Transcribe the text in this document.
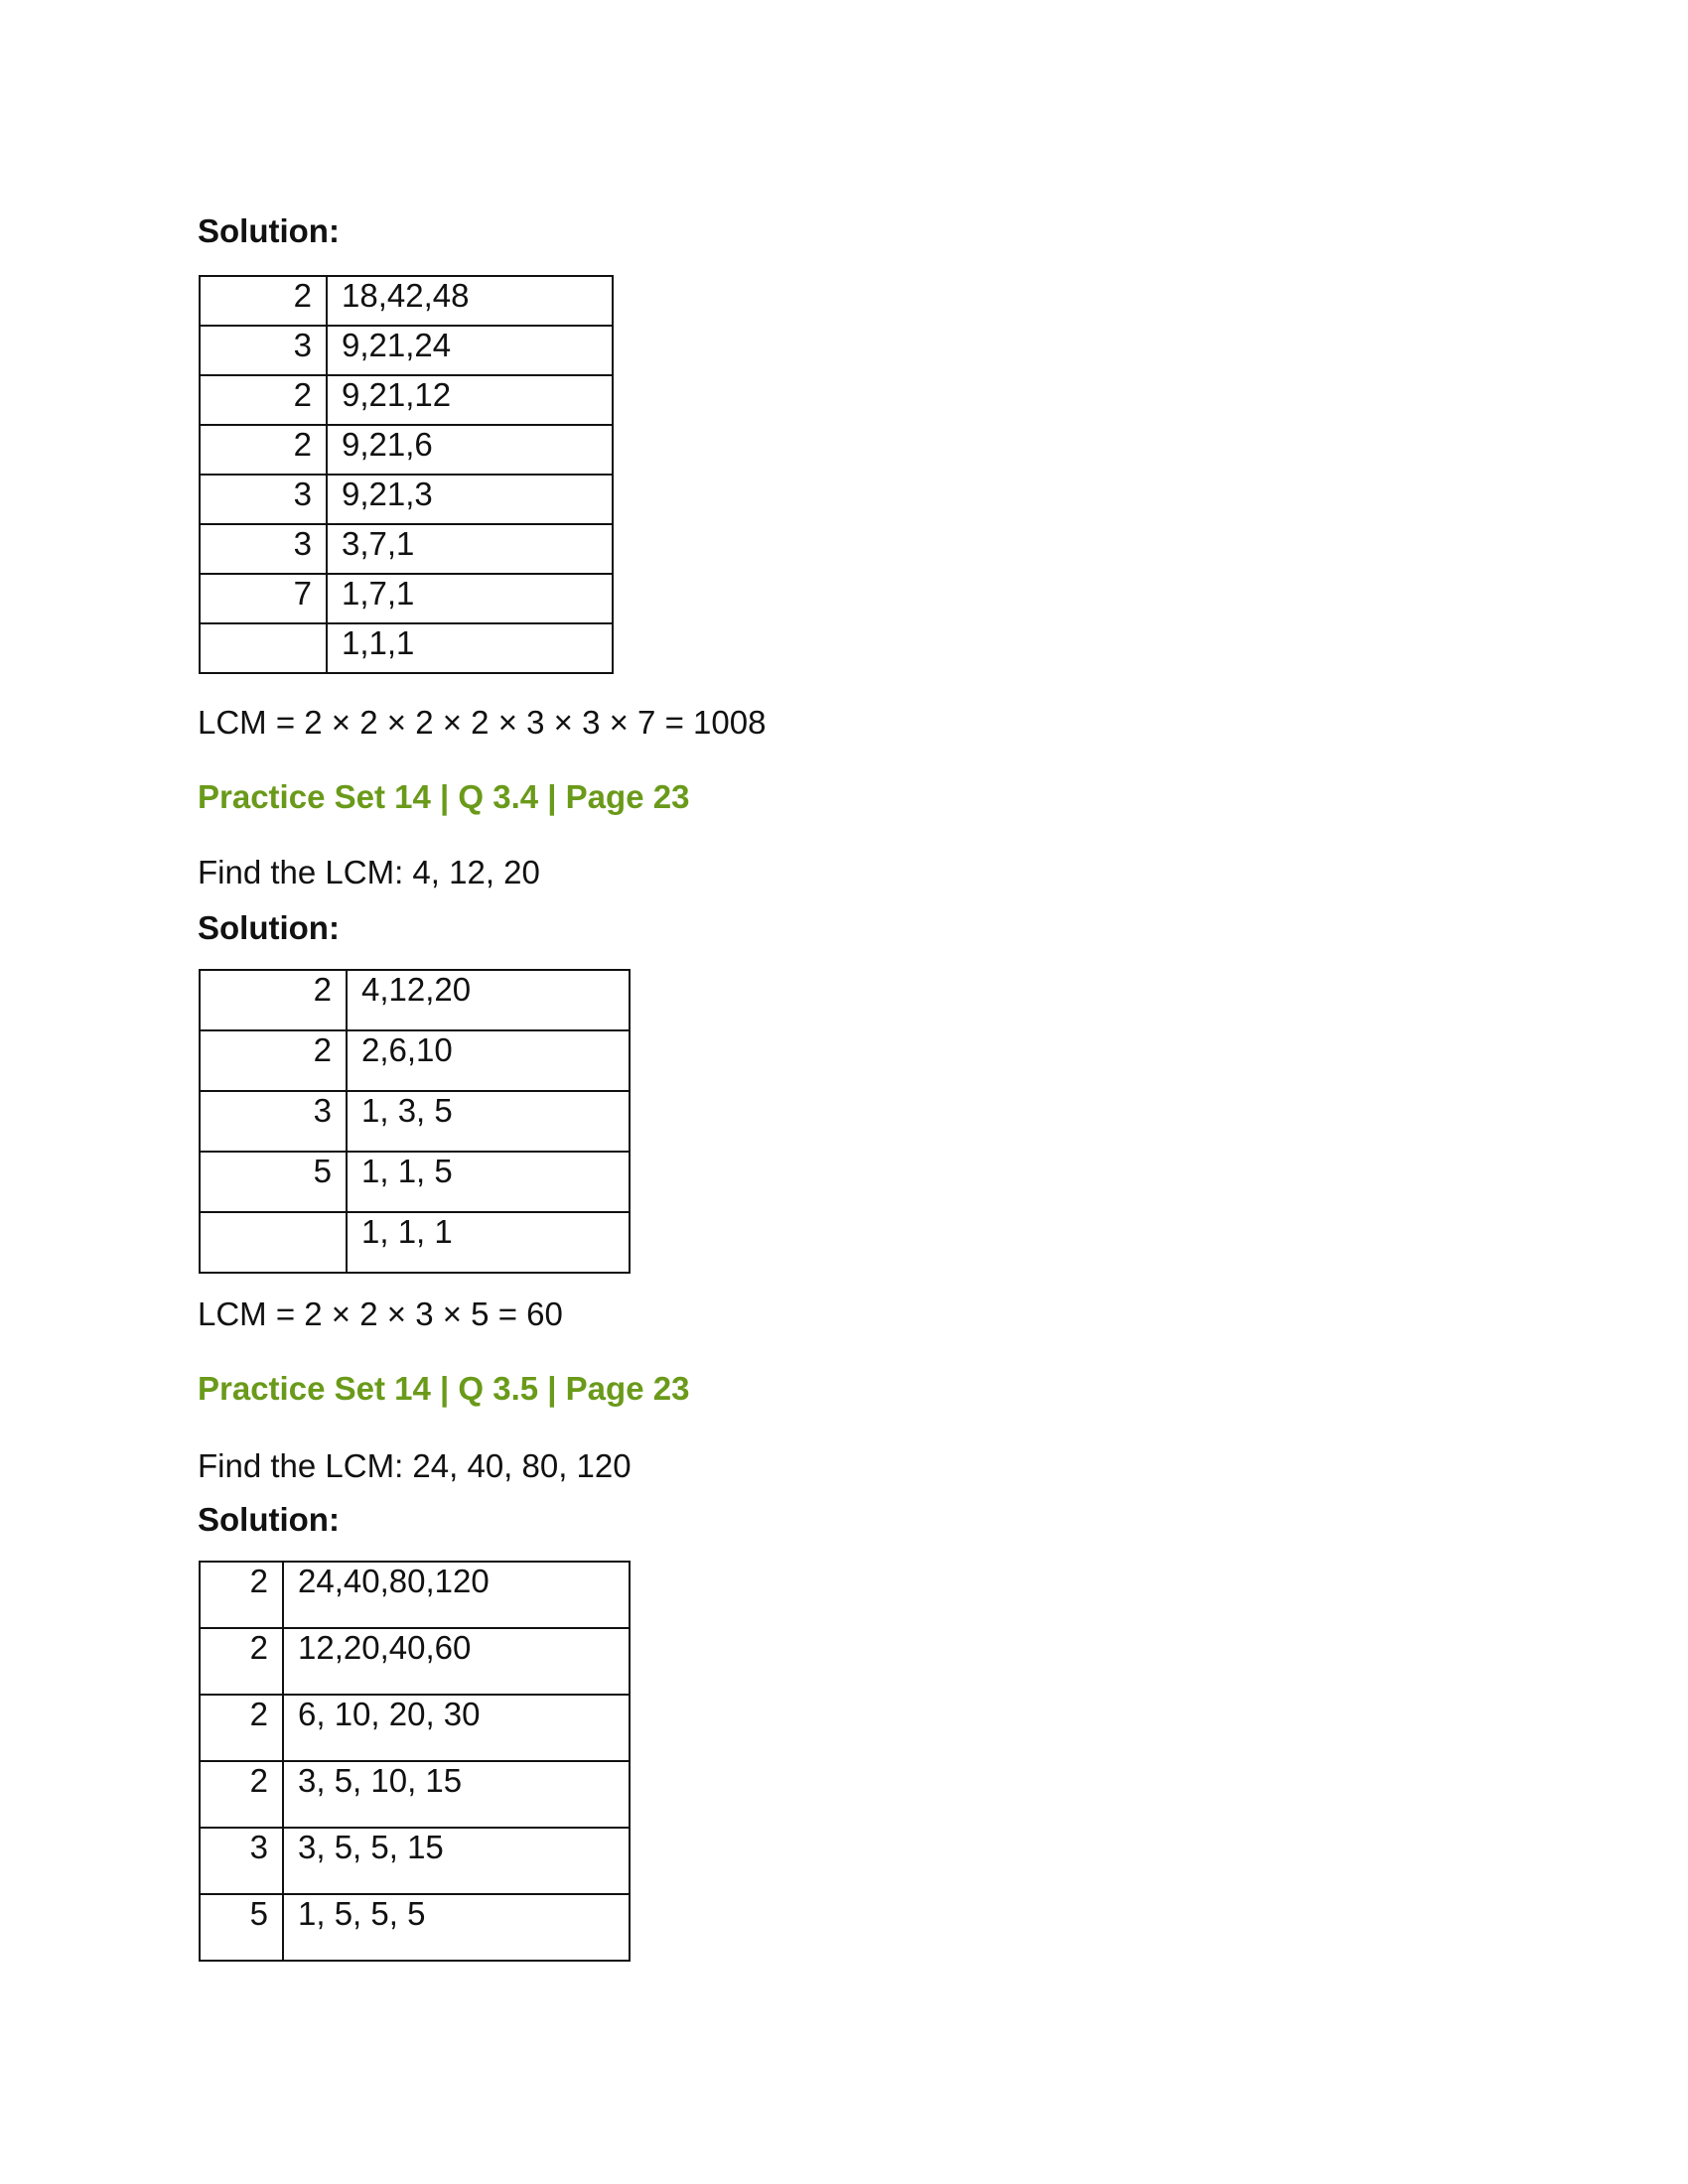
Solution:
2	18,42,48
3	9,21,24
2	9,21,12
2	9,21,6
3	9,21,3
3	3,7,1
7	1,7,1
	1,1,1
LCM = 2 × 2 × 2 × 2 × 3 × 3 × 7 = 1008
Practice Set 14 | Q 3.4 | Page 23
Find the LCM: 4, 12, 20
Solution:
2	4,12,20
2	2,6,10
3	1, 3, 5
5	1, 1, 5
	1, 1, 1
LCM = 2 × 2 × 3 × 5 = 60
Practice Set 14 | Q 3.5 | Page 23
Find the LCM: 24, 40, 80, 120
Solution:
2	24,40,80,120
2	12,20,40,60
2	6, 10, 20, 30
2	3, 5, 10, 15
3	3, 5, 5, 15
5	1, 5, 5, 5
